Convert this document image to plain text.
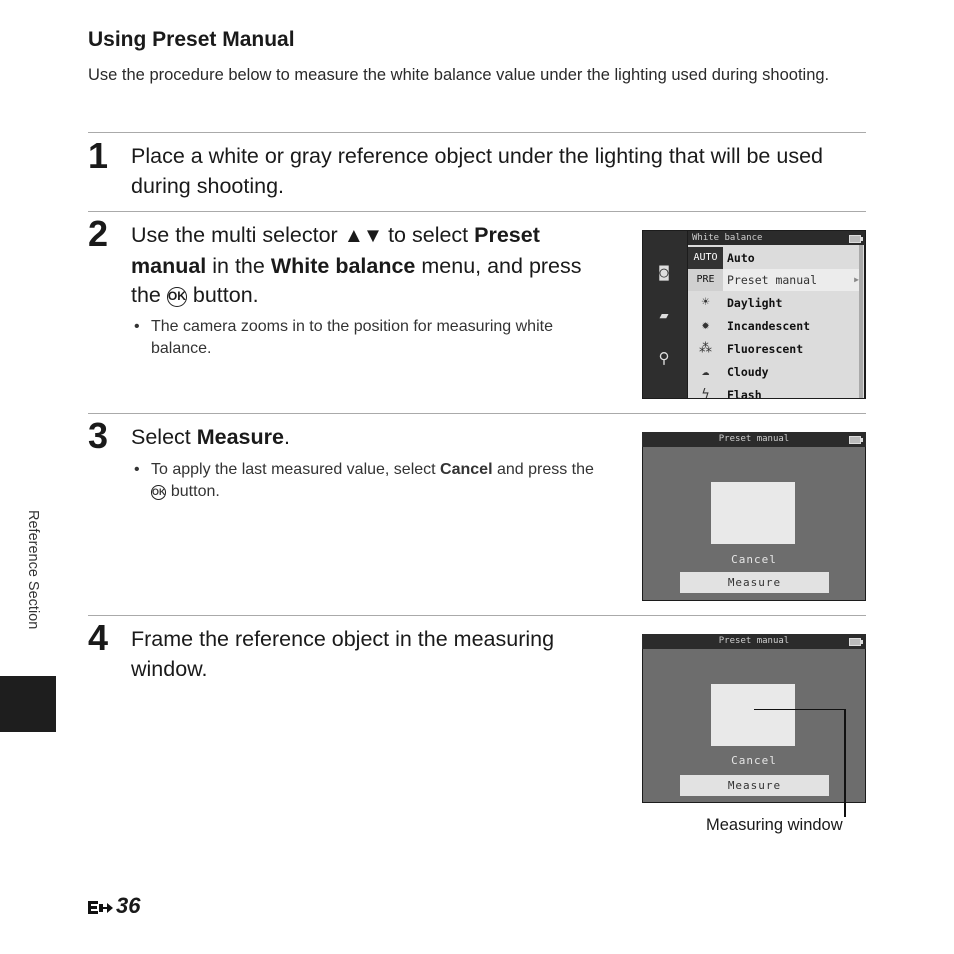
Using Preset Manual
Use the procedure below to measure the white balance value under the lighting used during shooting.
1 Place a white or gray reference object under the lighting that will be used during shooting.
2 Use the multi selector ▲▼ to select Preset manual in the White balance menu, and press the OK button.
• The camera zooms in to the position for measuring white balance.
◙
▰
⚲
White balance
AUTO Auto
PRE	Preset manual	▶
☀	Daylight
✹	Incandescent
⁂	Fluorescent
☁	Cloudy
ϟ	Flash
3 Select Measure.
• To apply the last measured value, select Cancel and press the OK button.
Preset manual
Cancel
Measure
4 Frame the reference object in the measuring window.
Preset manual
Cancel
Measure
Measuring window
Reference Section
36
